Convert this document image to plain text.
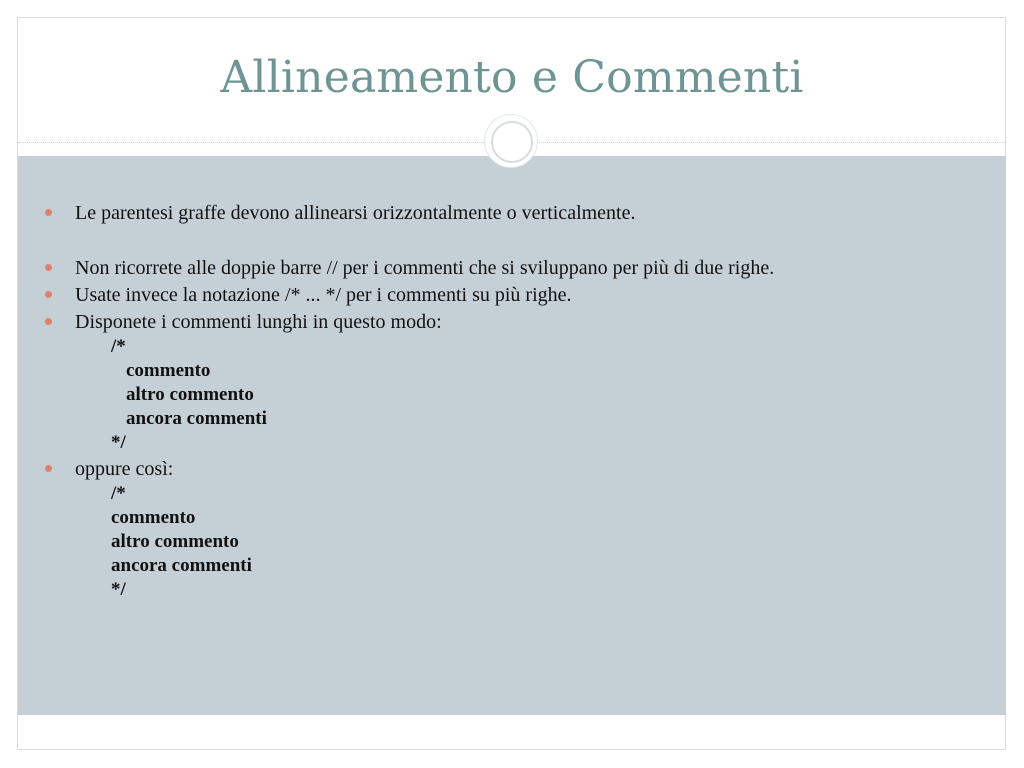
Allineamento e Commenti
Le parentesi graffe devono allinearsi orizzontalmente o verticalmente.
Non ricorrete alle doppie barre // per i commenti che si sviluppano per più di due righe.
Usate invece la notazione /* ... */ per i commenti su più righe.
Disponete i commenti lunghi in questo modo:
/*
commento
altro commento
ancora commenti
*/
oppure così:
/*
commento
altro commento
ancora commenti
*/
